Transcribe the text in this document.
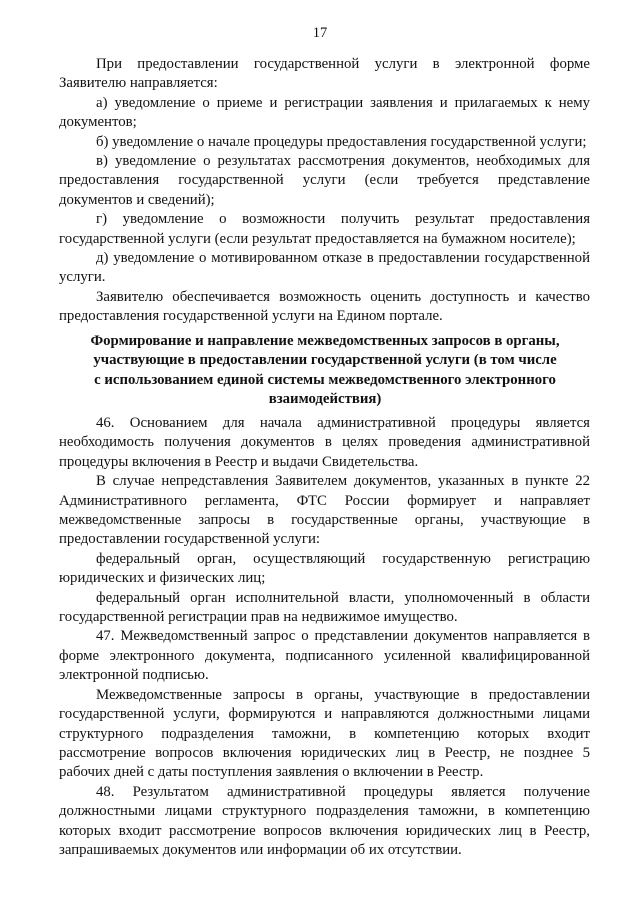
17

При предоставлении государственной услуги в электронной форме Заявителю направляется:

а) уведомление о приеме и регистрации заявления и прилагаемых к нему документов;

б) уведомление о начале процедуры предоставления государственной услуги;

в) уведомление о результатах рассмотрения документов, необходимых для предоставления государственной услуги (если требуется представление документов и сведений);

г) уведомление о возможности получить результат предоставления государственной услуги (если результат предоставляется на бумажном носителе);

д) уведомление о мотивированном отказе в предоставлении государственной услуги.

Заявителю обеспечивается возможность оценить доступность и качество предоставления государственной услуги на Едином портале.

Формирование и направление межведомственных запросов в органы,
участвующие в предоставлении государственной услуги (в том числе
с использованием единой системы межведомственного электронного
взаимодействия)

46. Основанием для начала административной процедуры является необходимость получения документов в целях проведения административной процедуры включения в Реестр и выдачи Свидетельства.

В случае непредставления Заявителем документов, указанных в пункте 22 Административного регламента, ФТС России формирует и направляет межведомственные запросы в государственные органы, участвующие в предоставлении государственной услуги:

федеральный орган, осуществляющий государственную регистрацию юридических и физических лиц;

федеральный орган исполнительной власти, уполномоченный в области государственной регистрации прав на недвижимое имущество.

47. Межведомственный запрос о представлении документов направляется в форме электронного документа, подписанного усиленной квалифицированной электронной подписью.

Межведомственные запросы в органы, участвующие в предоставлении государственной услуги, формируются и направляются должностными лицами структурного подразделения таможни, в компетенцию которых входит рассмотрение вопросов включения юридических лиц в Реестр, не позднее 5 рабочих дней с даты поступления заявления о включении в Реестр.

48. Результатом административной процедуры является получение должностными лицами структурного подразделения таможни, в компетенцию которых входит рассмотрение вопросов включения юридических лиц в Реестр, запрашиваемых документов или информации об их отсутствии.
